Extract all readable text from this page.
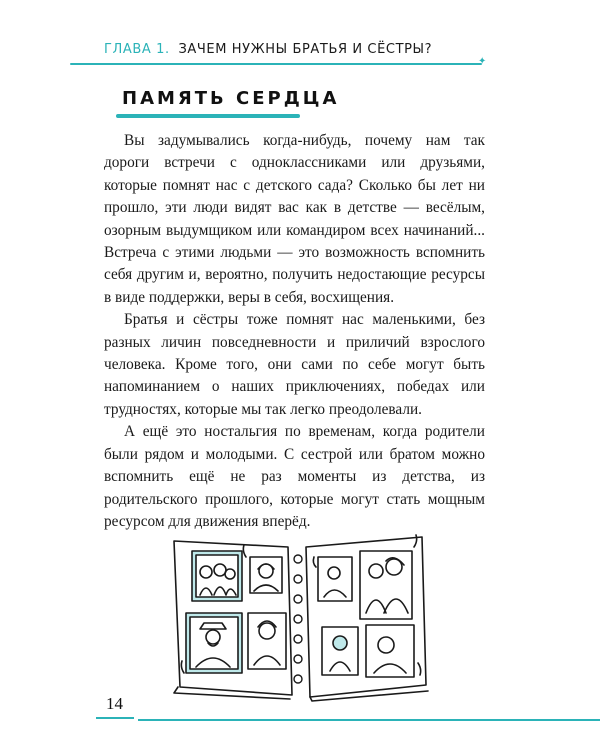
ГЛАВА 1. ЗАЧЕМ НУЖНЫ БРАТЬЯ И СЁСТРЫ?
✦
ПАМЯТЬ СЕРДЦА

Вы задумывались когда-нибудь, почему нам так дороги встречи с одноклассниками или друзьями, которые помнят нас с детского сада? Сколько бы лет ни прошло, эти люди видят вас как в детстве — весёлым, озорным выдумщиком или командиром всех начинаний... Встреча с этими людьми — это возможность вспомнить себя другим и, вероятно, получить недостающие ресурсы в виде поддержки, веры в себя, восхищения.

Братья и сёстры тоже помнят нас маленькими, без разных личин повседневности и приличий взрослого человека. Кроме того, они сами по себе могут быть напоминанием о наших приключениях, победах или трудностях, которые мы так легко преодолевали.

А ещё это ностальгия по временам, когда родители были рядом и молодыми. С сестрой или братом можно вспомнить ещё не раз моменты из детства, из родительского прошлого, которые могут стать мощным ресурсом для движения вперёд.

14
